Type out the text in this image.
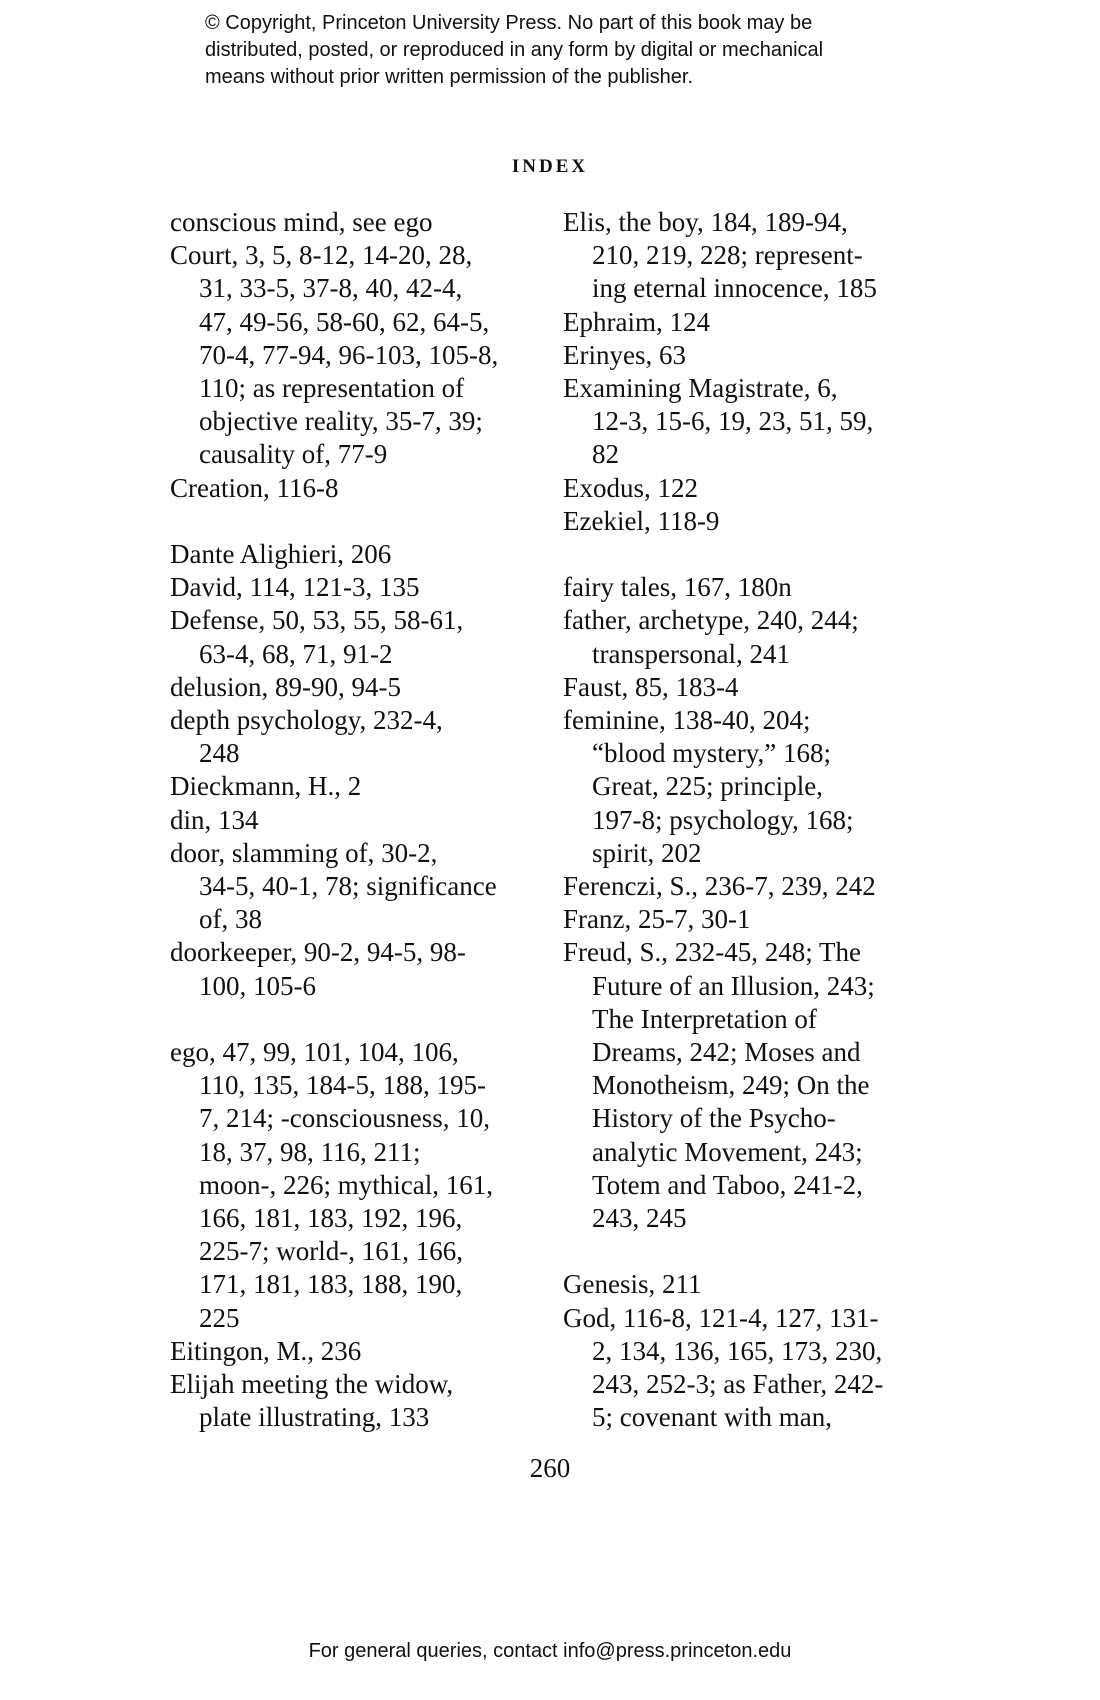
© Copyright, Princeton University Press. No part of this book may be
distributed, posted, or reproduced in any form by digital or mechanical
means without prior written permission of the publisher.
INDEX
conscious mind, see ego
Court, 3, 5, 8-12, 14-20, 28,
31, 33-5, 37-8, 40, 42-4,
47, 49-56, 58-60, 62, 64-5,
70-4, 77-94, 96-103, 105-8,
110; as representation of
objective reality, 35-7, 39;
causality of, 77-9
Creation, 116-8
Dante Alighieri, 206
David, 114, 121-3, 135
Defense, 50, 53, 55, 58-61,
63-4, 68, 71, 91-2
delusion, 89-90, 94-5
depth psychology, 232-4,
248
Dieckmann, H., 2
din, 134
door, slamming of, 30-2,
34-5, 40-1, 78; significance
of, 38
doorkeeper, 90-2, 94-5, 98-
100, 105-6
ego, 47, 99, 101, 104, 106,
110, 135, 184-5, 188, 195-
7, 214; -consciousness, 10,
18, 37, 98, 116, 211;
moon-, 226; mythical, 161,
166, 181, 183, 192, 196,
225-7; world-, 161, 166,
171, 181, 183, 188, 190,
225
Eitingon, M., 236
Elijah meeting the widow,
plate illustrating, 133
Elis, the boy, 184, 189-94,
210, 219, 228; represent-
ing eternal innocence, 185
Ephraim, 124
Erinyes, 63
Examining Magistrate, 6,
12-3, 15-6, 19, 23, 51, 59,
82
Exodus, 122
Ezekiel, 118-9
fairy tales, 167, 180n
father, archetype, 240, 244;
transpersonal, 241
Faust, 85, 183-4
feminine, 138-40, 204;
“blood mystery,” 168;
Great, 225; principle,
197-8; psychology, 168;
spirit, 202
Ferenczi, S., 236-7, 239, 242
Franz, 25-7, 30-1
Freud, S., 232-45, 248; The
Future of an Illusion, 243;
The Interpretation of
Dreams, 242; Moses and
Monotheism, 249; On the
History of the Psycho-
analytic Movement, 243;
Totem and Taboo, 241-2,
243, 245
Genesis, 211
God, 116-8, 121-4, 127, 131-
2, 134, 136, 165, 173, 230,
243, 252-3; as Father, 242-
5; covenant with man,
260
For general queries, contact info@press.princeton.edu
